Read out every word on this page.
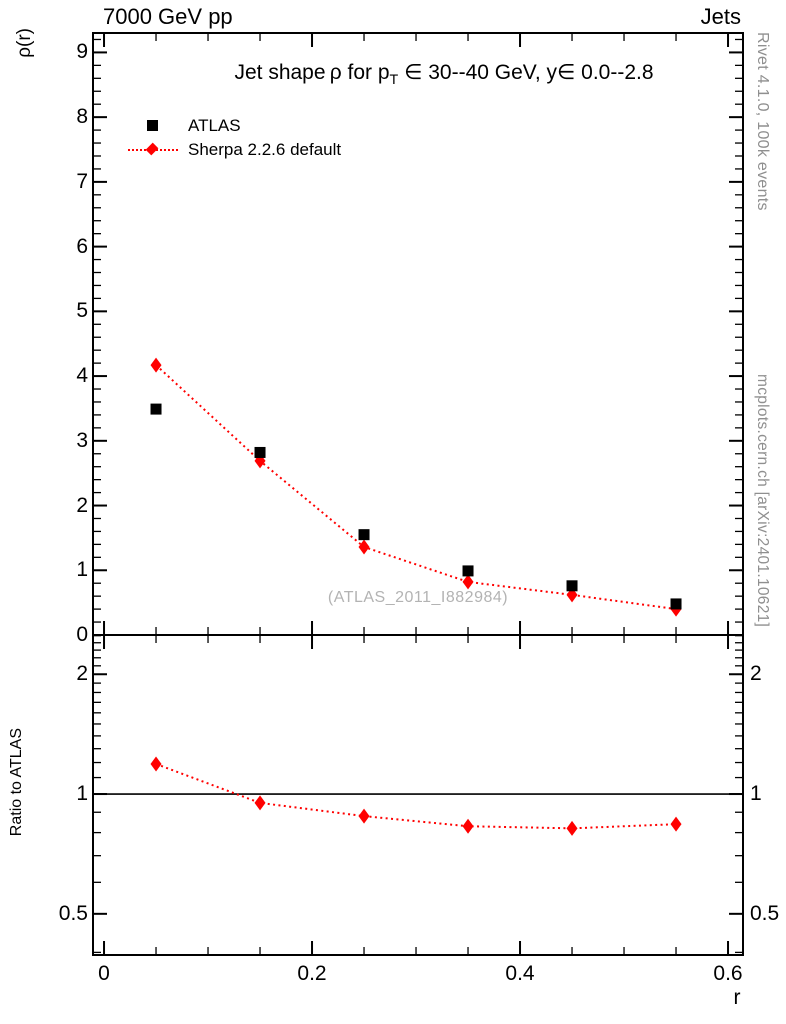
7000 GeV pp	Jets
ρ(r)
Ratio to ATLAS
Jet shape ρ for $p_T$ ∈ 30--40 GeV, y∈ 0.0--2.8
ATLAS
Sherpa 2.2.6 default
(ATLAS_2011_I882984)
Rivet 4.1.0, 100k events
mcplots.cern.ch [arXiv:2401.10621]
r
0
1
2
3
4
5
6
7
8
9
2	2
1	1
0.5	0.5
0	0.2	0.4	0.6
